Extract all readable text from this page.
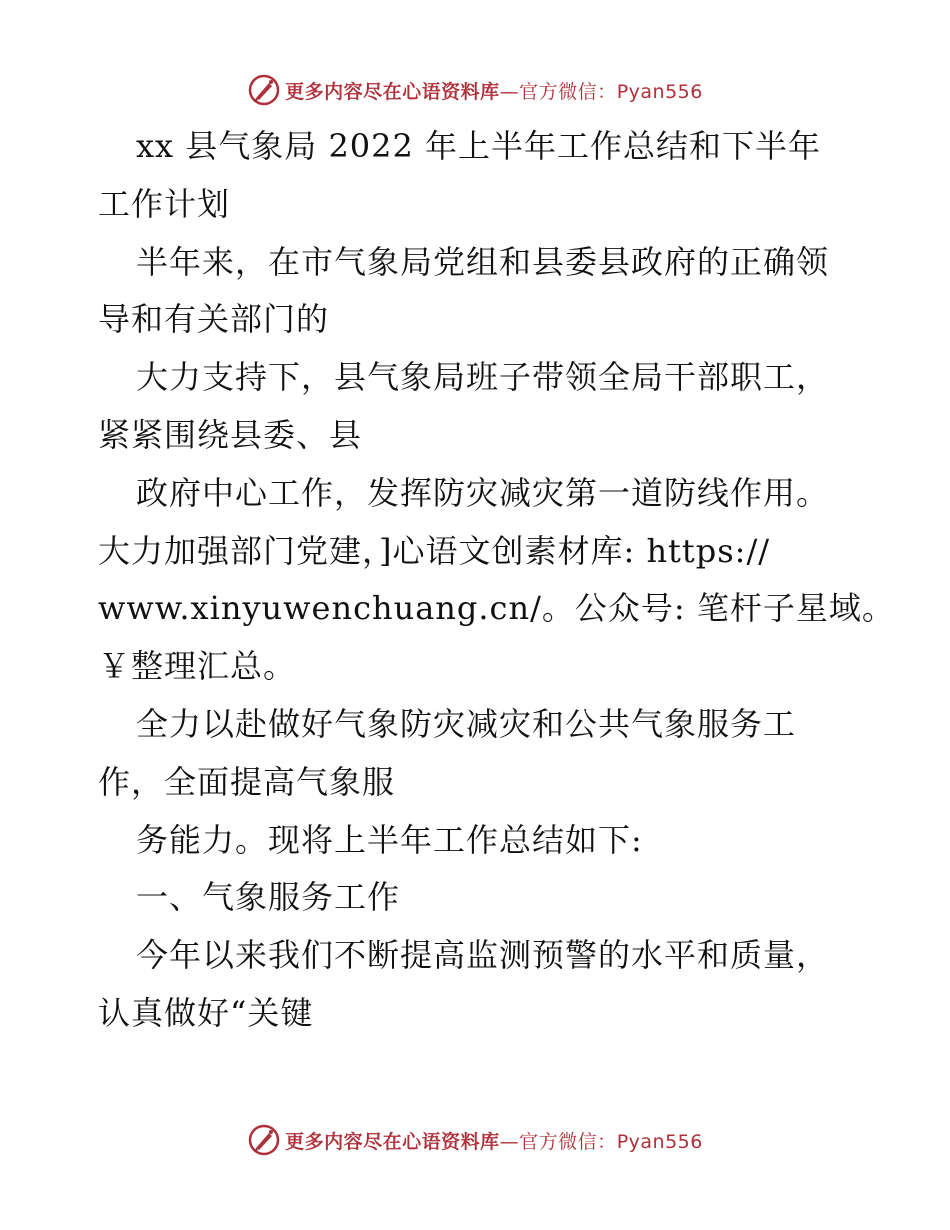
更多内容尽在心语资料库—官方微信：Pyan556
xx 县气象局 2022 年上半年工作总结和下半年
工作计划
半年来，在市气象局党组和县委县政府的正确领
导和有关部门的
大力支持下，县气象局班子带领全局干部职工，
紧紧围绕县委、县
政府中心工作，发挥防灾减灾第一道防线作用。
大力加强部门党建，]心语文创素材库: https://
www.xinyuwenchuang.cn/。公众号: 笔杆子星域。
￥整理汇总。
全力以赴做好气象防灾减灾和公共气象服务工
作，全面提高气象服
务能力。现将上半年工作总结如下:
一、气象服务工作
今年以来我们不断提高监测预警的水平和质量，
认真做好“关键
更多内容尽在心语资料库—官方微信：Pyan556
